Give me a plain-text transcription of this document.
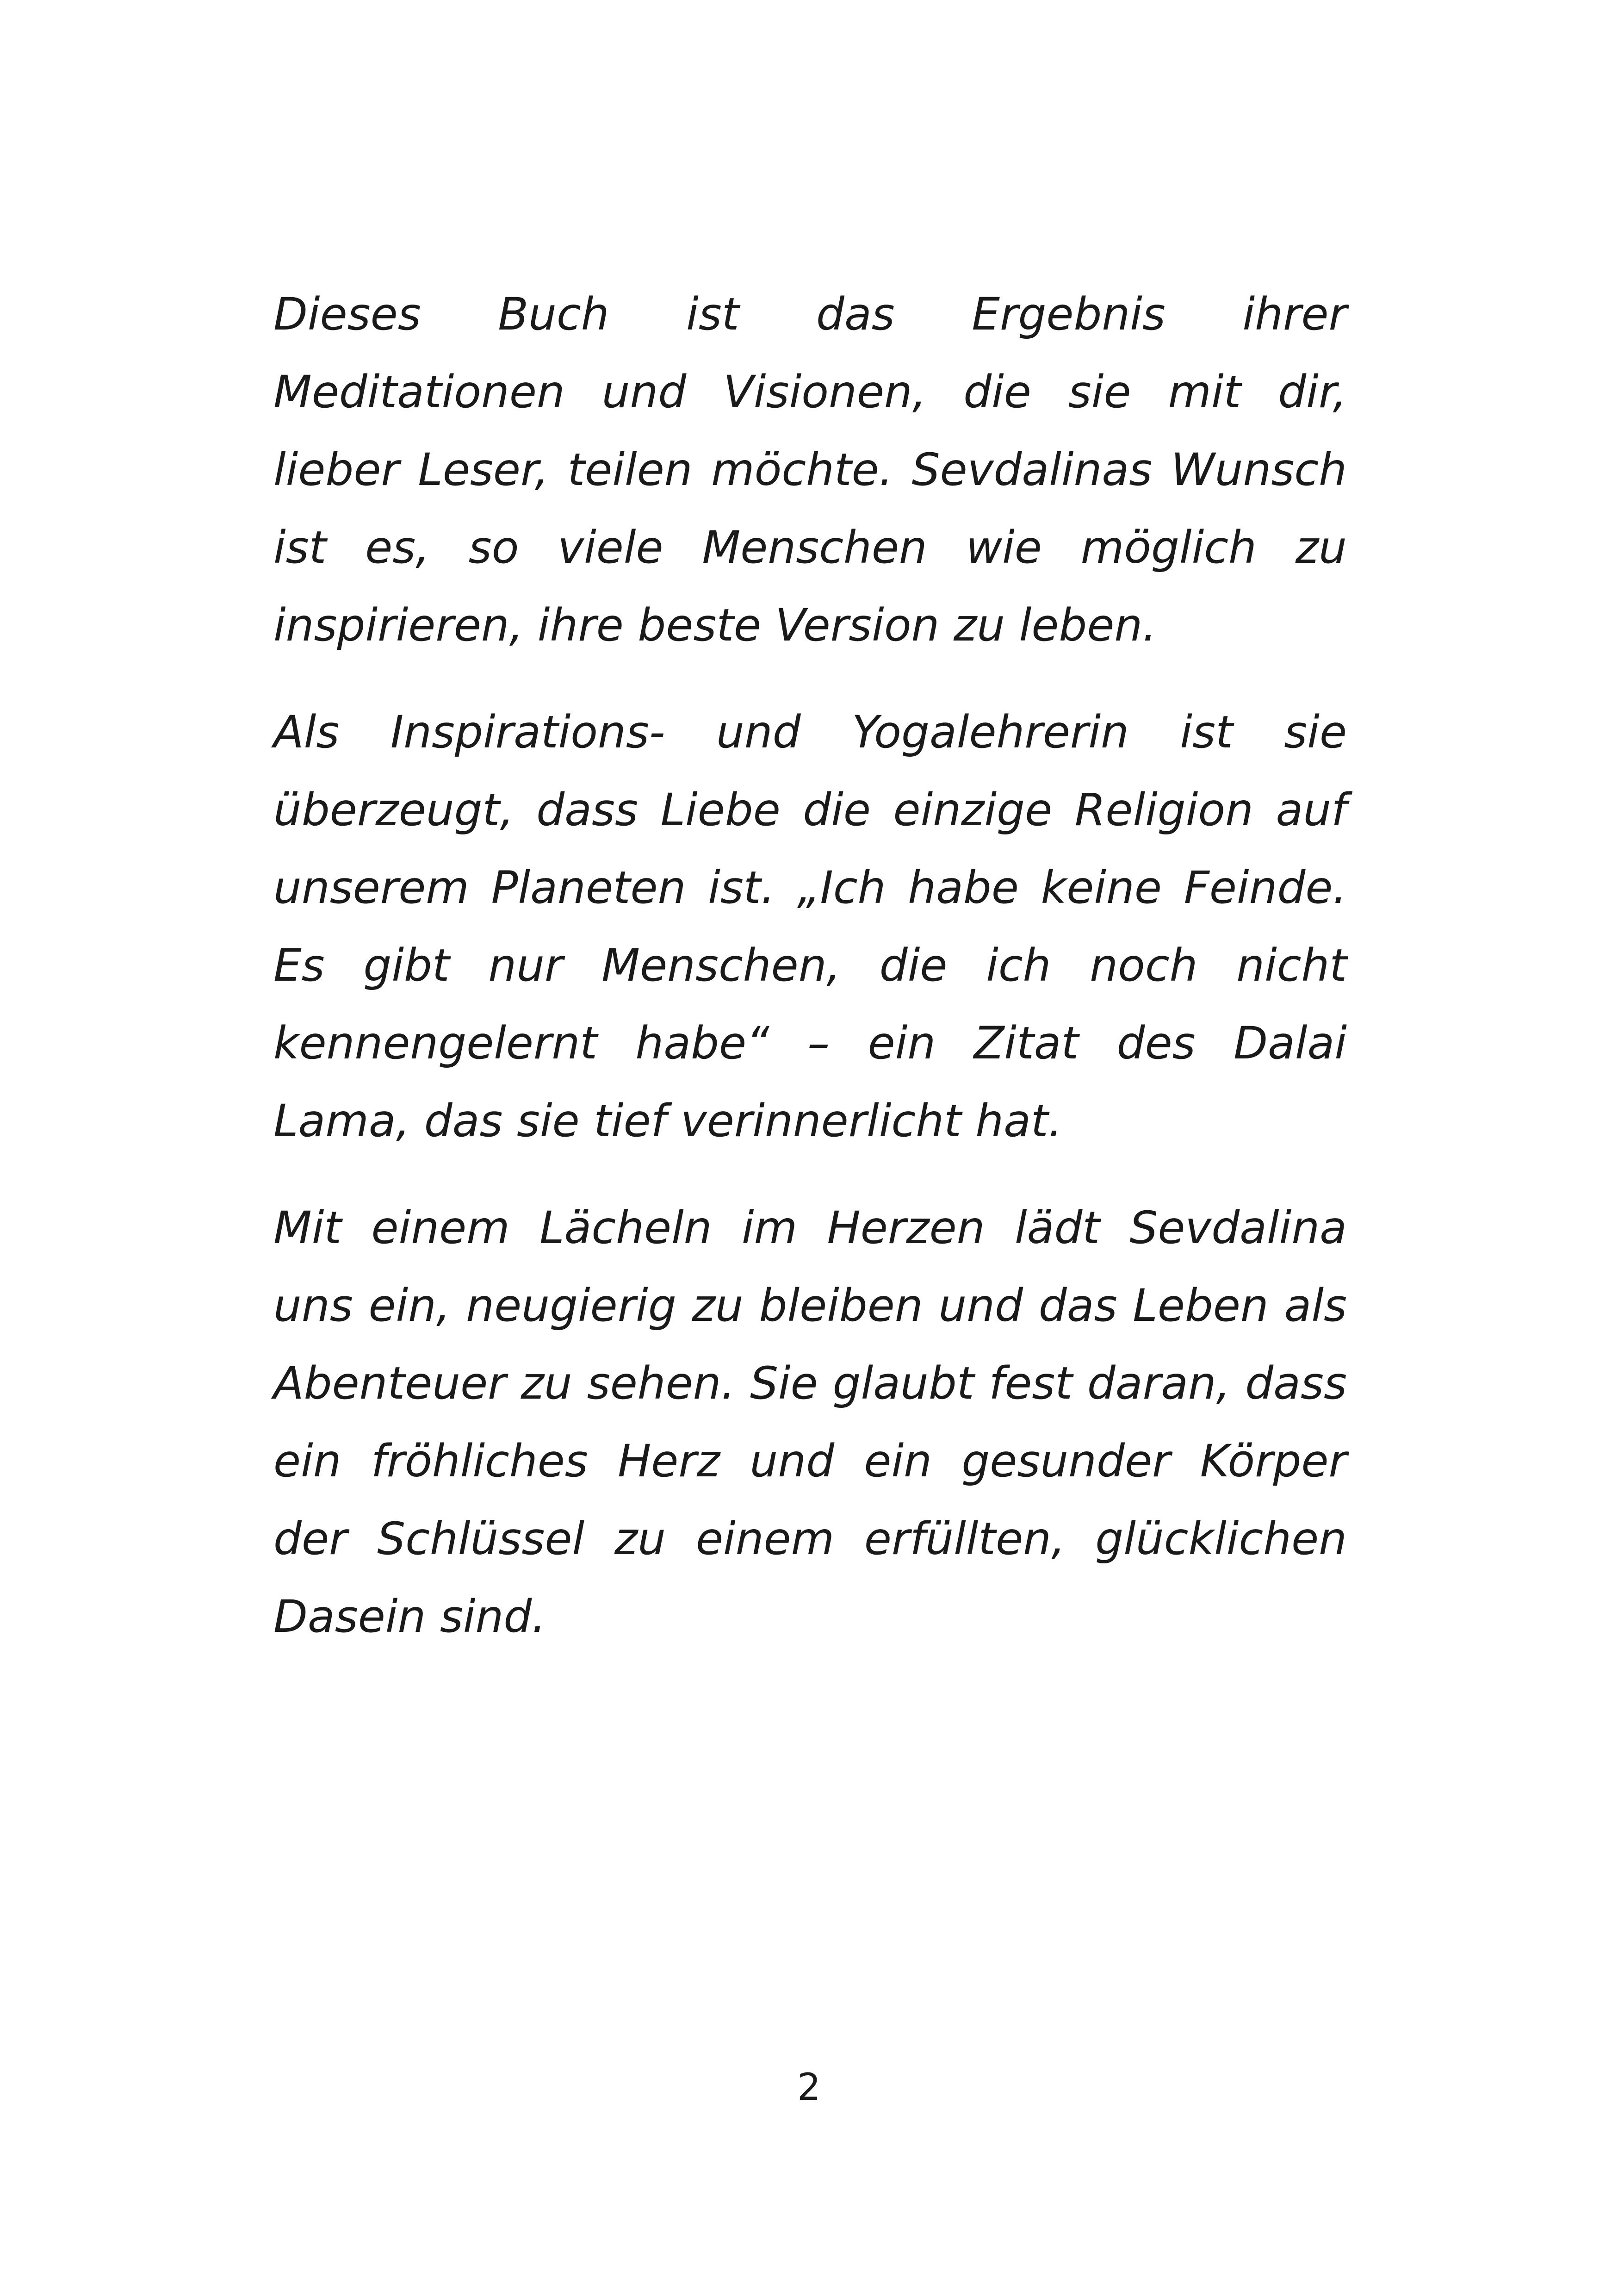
Dieses Buch ist das Ergebnis ihrer
Meditationen und Visionen, die sie mit dir,
lieber Leser, teilen möchte. Sevdalinas Wunsch
ist es, so viele Menschen wie möglich zu
inspirieren, ihre beste Version zu leben.

Als Inspirations- und Yogalehrerin ist sie
überzeugt, dass Liebe die einzige Religion auf
unserem Planeten ist. „Ich habe keine Feinde.
Es gibt nur Menschen, die ich noch nicht
kennengelernt habe“ – ein Zitat des Dalai
Lama, das sie tief verinnerlicht hat.

Mit einem Lächeln im Herzen lädt Sevdalina
uns ein, neugierig zu bleiben und das Leben als
Abenteuer zu sehen. Sie glaubt fest daran, dass
ein fröhliches Herz und ein gesunder Körper
der Schlüssel zu einem erfüllten, glücklichen
Dasein sind.

2
